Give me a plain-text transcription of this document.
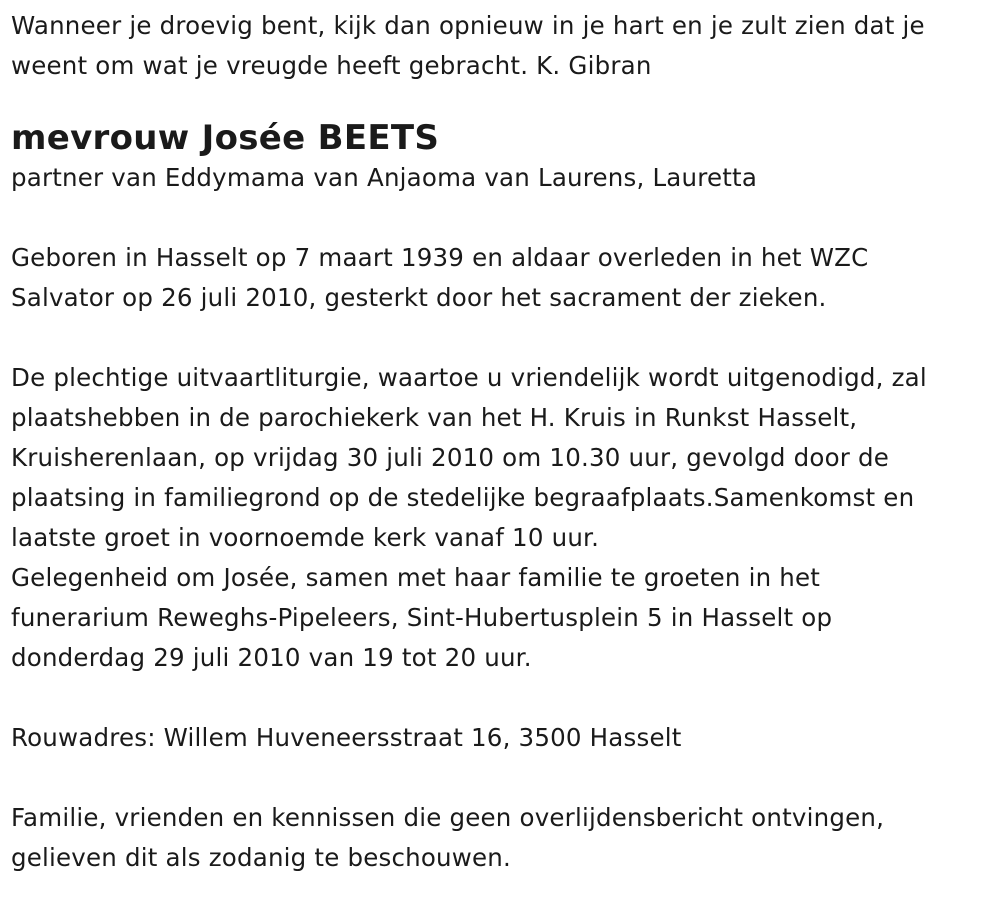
Wanneer je droevig bent, kijk dan opnieuw in je hart en je zult zien dat je
weent om wat je vreugde heeft gebracht. K. Gibran
mevrouw Josée BEETS
partner van Eddymama van Anjaoma van Laurens, Lauretta
Geboren in Hasselt op 7 maart 1939 en aldaar overleden in het WZC
Salvator op 26 juli 2010, gesterkt door het sacrament der zieken.
De plechtige uitvaartliturgie, waartoe u vriendelijk wordt uitgenodigd, zal
plaatshebben in de parochiekerk van het H. Kruis in Runkst Hasselt,
Kruisherenlaan, op vrijdag 30 juli 2010 om 10.30 uur, gevolgd door de
plaatsing in familiegrond op de stedelijke begraafplaats.Samenkomst en
laatste groet in voornoemde kerk vanaf 10 uur.
Gelegenheid om Josée, samen met haar familie te groeten in het
funerarium Reweghs-Pipeleers, Sint-Hubertusplein 5 in Hasselt op
donderdag 29 juli 2010 van 19 tot 20 uur.
Rouwadres: Willem Huveneersstraat 16, 3500 Hasselt
Familie, vrienden en kennissen die geen overlijdensbericht ontvingen,
gelieven dit als zodanig te beschouwen.
